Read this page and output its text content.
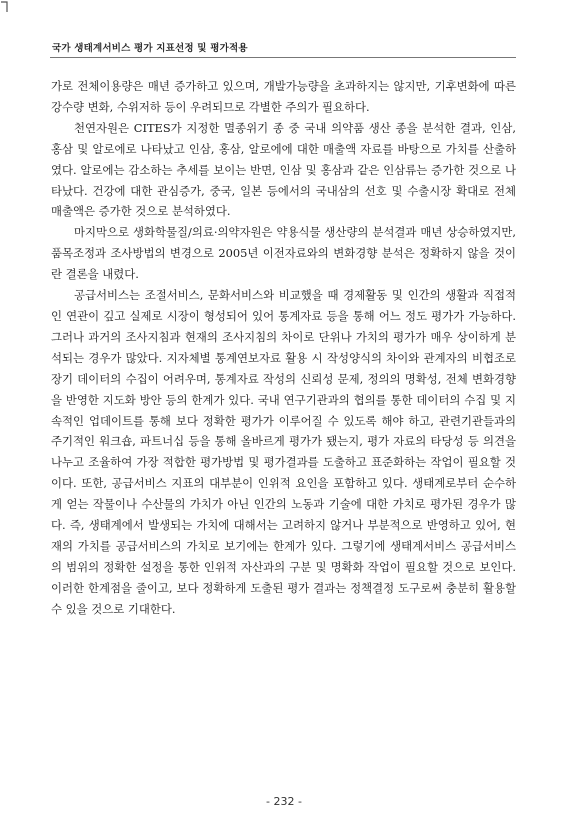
국가 생태계서비스 평가 지표선정 및 평가적용

가로 전체이용량은 매년 증가하고 있으며, 개발가능량을 초과하지는 않지만, 기후변화에 따른 강수량 변화, 수위저하 등이 우려되므로 각별한 주의가 필요하다.

천연자원은 CITES가 지정한 멸종위기 종 중 국내 의약품 생산 종을 분석한 결과, 인삼, 홍삼 및 알로에로 나타났고 인삼, 홍삼, 알로에에 대한 매출액 자료를 바탕으로 가치를 산출하였다. 알로에는 감소하는 추세를 보이는 반면, 인삼 및 홍삼과 같은 인삼류는 증가한 것으로 나타났다. 건강에 대한 관심증가, 중국, 일본 등에서의 국내삼의 선호 및 수출시장 확대로 전체 매출액은 증가한 것으로 분석하였다.

마지막으로 생화학물질/의료·의약자원은 약용식물 생산량의 분석결과 매년 상승하였지만, 품목조정과 조사방법의 변경으로 2005년 이전자료와의 변화경향 분석은 정확하지 않을 것이란 결론을 내렸다.

공급서비스는 조절서비스, 문화서비스와 비교했을 때 경제활동 및 인간의 생활과 직접적인 연관이 깊고 실제로 시장이 형성되어 있어 통계자료 등을 통해 어느 정도 평가가 가능하다. 그러나 과거의 조사지침과 현재의 조사지침의 차이로 단위나 가치의 평가가 매우 상이하게 분석되는 경우가 많았다. 지자체별 통계연보자료 활용 시 작성양식의 차이와 관계자의 비협조로 장기 데이터의 수집이 어려우며, 통계자료 작성의 신뢰성 문제, 정의의 명확성, 전체 변화경향을 반영한 지도화 방안 등의 한계가 있다. 국내 연구기관과의 협의를 통한 데이터의 수집 및 지속적인 업데이트를 통해 보다 정확한 평가가 이루어질 수 있도록 해야 하고, 관련기관들과의 주기적인 워크숍, 파트너십 등을 통해 올바르게 평가가 됐는지, 평가 자료의 타당성 등 의견을 나누고 조율하여 가장 적합한 평가방법 및 평가결과를 도출하고 표준화하는 작업이 필요할 것이다. 또한, 공급서비스 지표의 대부분이 인위적 요인을 포함하고 있다. 생태계로부터 순수하게 얻는 작물이나 수산물의 가치가 아닌 인간의 노동과 기술에 대한 가치로 평가된 경우가 많다. 즉, 생태계에서 발생되는 가치에 대해서는 고려하지 않거나 부분적으로 반영하고 있어, 현재의 가치를 공급서비스의 가치로 보기에는 한계가 있다. 그렇기에 생태계서비스 공급서비스의 범위의 정확한 설정을 통한 인위적 자산과의 구분 및 명확화 작업이 필요할 것으로 보인다. 이러한 한계점을 줄이고, 보다 정확하게 도출된 평가 결과는 정책결정 도구로써 충분히 활용할 수 있을 것으로 기대한다.

- 232 -
